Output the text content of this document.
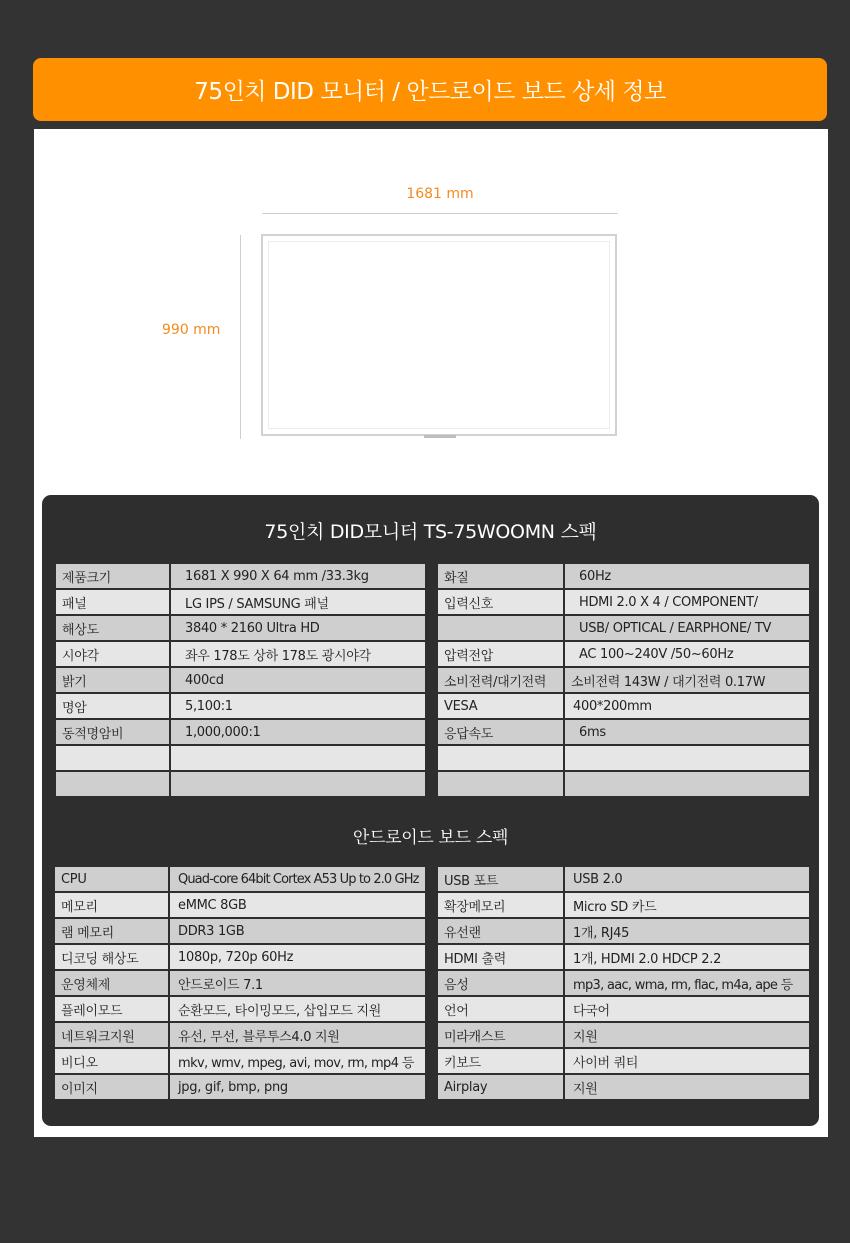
75인치 DID 모니터 / 안드로이드 보드 상세 정보
1681 mm
990 mm
75인치 DID모니터 TS-75WOOMN 스펙
제품크기	1681 X 990 X 64 mm /33.3kg
패널	LG IPS / SAMSUNG 패널
해상도	3840 * 2160 Ultra HD
시야각	좌우 178도 상하 178도 광시야각
밝기	400cd
명암	5,100:1
동적명암비	1,000,000:1
화질	60Hz
입력신호	HDMI 2.0 X 4 / COMPONENT/
USB/ OPTICAL / EARPHONE/ TV
압력전압	AC 100~240V /50~60Hz
소비전력/대기전력	소비전력 143W / 대기전력 0.17W
VESA	400*200mm
응답속도	6ms
안드로이드 보드 스펙
CPU	Quad-core 64bit Cortex A53 Up to 2.0 GHz
메모리	eMMC 8GB
램 메모리	DDR3 1GB
디코딩 해상도	1080p, 720p 60Hz
운영체제	안드로이드 7.1
플레이모드	순환모드, 타이밍모드, 삽입모드 지원
네트워크지원	유선, 무선, 블루투스4.0 지원
비디오	mkv, wmv, mpeg, avi, mov, rm, mp4 등
이미지	jpg, gif, bmp, png
USB 포트	USB 2.0
확장메모리	Micro SD 카드
유선랜	1개, RJ45
HDMI 출력	1개, HDMI 2.0 HDCP 2.2
음성	mp3, aac, wma, rm, flac, m4a, ape 등
언어	다국어
미라캐스트	지원
키보드	사이버 쿼티
Airplay	지원
